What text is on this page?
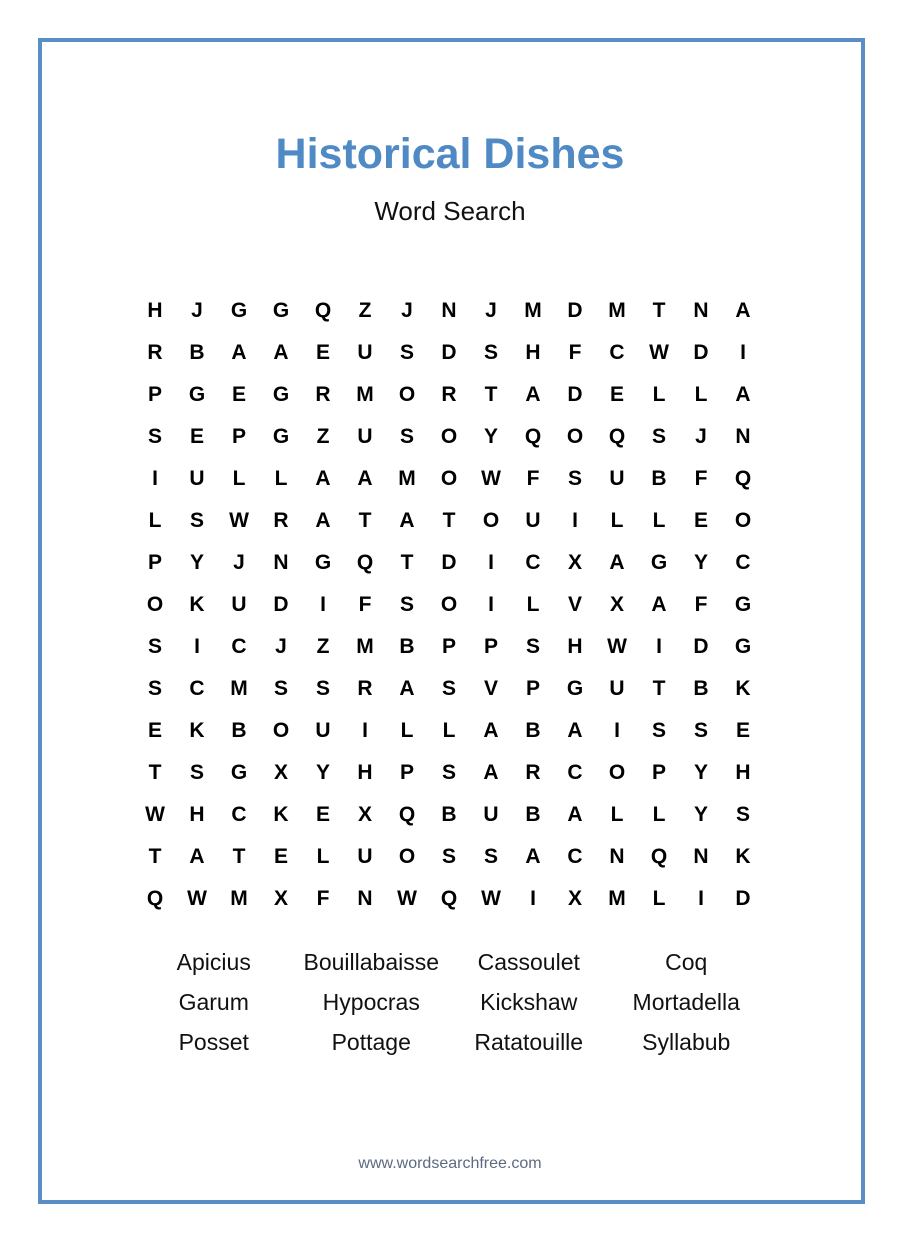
Historical Dishes
Word Search
H	J	G	G	Q	Z	J	N	J	M	D	M	T	N	A
R	B	A	A	E	U	S	D	S	H	F	C	W	D	I
P	G	E	G	R	M	O	R	T	A	D	E	L	L	A
S	E	P	G	Z	U	S	O	Y	Q	O	Q	S	J	N
I	U	L	L	A	A	M	O	W	F	S	U	B	F	Q
L	S	W	R	A	T	A	T	O	U	I	L	L	E	O
P	Y	J	N	G	Q	T	D	I	C	X	A	G	Y	C
O	K	U	D	I	F	S	O	I	L	V	X	A	F	G
S	I	C	J	Z	M	B	P	P	S	H	W	I	D	G
S	C	M	S	S	R	A	S	V	P	G	U	T	B	K
E	K	B	O	U	I	L	L	A	B	A	I	S	S	E
T	S	G	X	Y	H	P	S	A	R	C	O	P	Y	H
W	H	C	K	E	X	Q	B	U	B	A	L	L	Y	S
T	A	T	E	L	U	O	S	S	A	C	N	Q	N	K
Q	W	M	X	F	N	W	Q	W	I	X	M	L	I	D
Apicius	Bouillabaisse	Cassoulet	Coq
Garum	Hypocras	Kickshaw	Mortadella
Posset	Pottage	Ratatouille	Syllabub
www.wordsearchfree.com
